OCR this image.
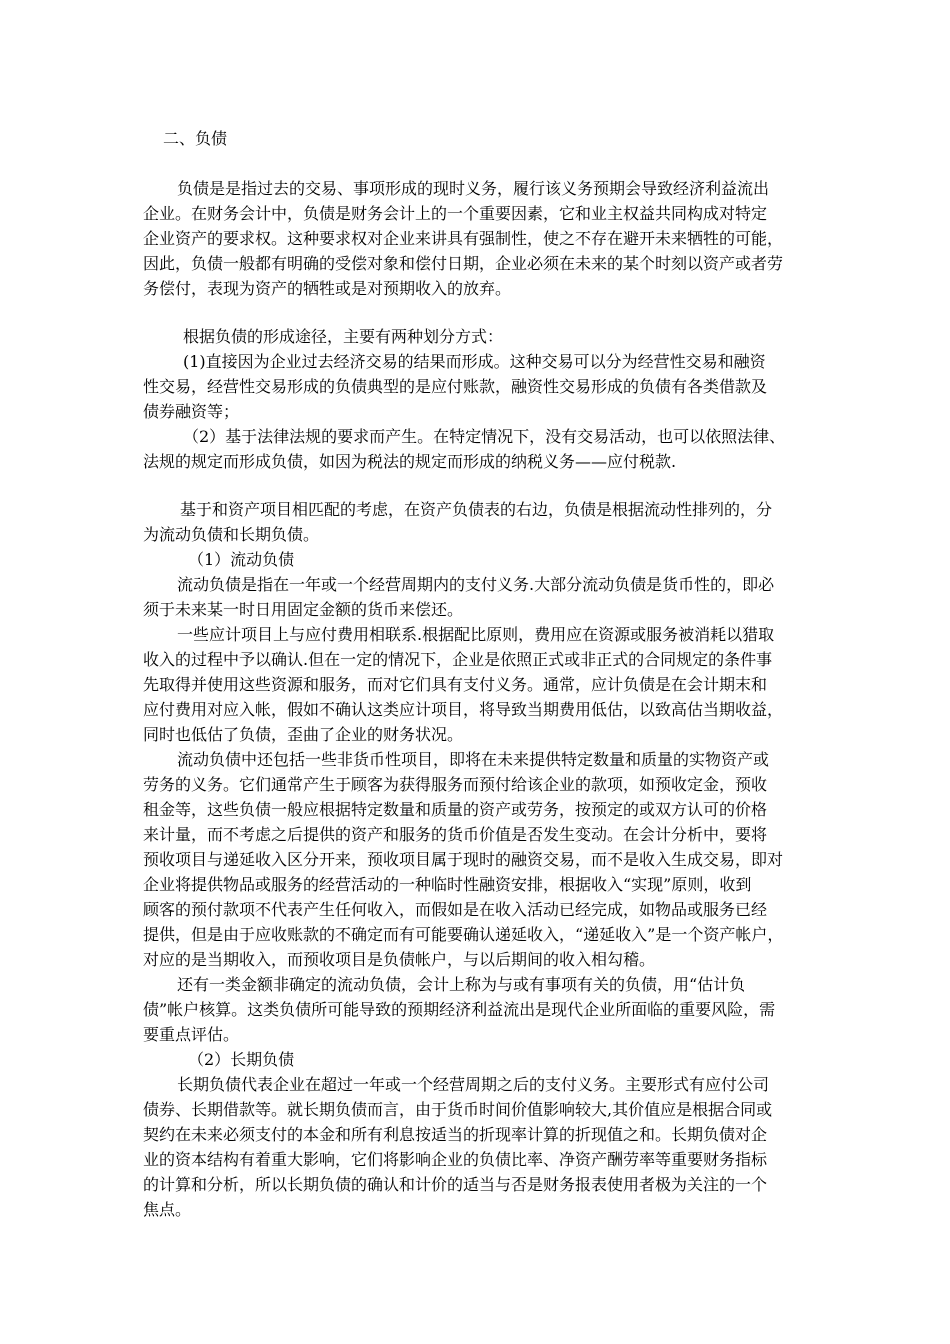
二、负债
负债是是指过去的交易、事项形成的现时义务，履行该义务预期会导致经济利益流出
企业。在财务会计中，负债是财务会计上的一个重要因素，它和业主权益共同构成对特定
企业资产的要求权。这种要求权对企业来讲具有强制性，使之不存在避开未来牺牲的可能，
因此，负债一般都有明确的受偿对象和偿付日期，企业必须在未来的某个时刻以资产或者劳
务偿付，表现为资产的牺牲或是对预期收入的放弃。
根据负债的形成途径，主要有两种划分方式：
(1)直接因为企业过去经济交易的结果而形成。这种交易可以分为经营性交易和融资
性交易，经营性交易形成的负债典型的是应付账款，融资性交易形成的负债有各类借款及
债券融资等；
（2）基于法律法规的要求而产生。在特定情况下，没有交易活动，也可以依照法律、
法规的规定而形成负债，如因为税法的规定而形成的纳税义务——应付税款.
基于和资产项目相匹配的考虑，在资产负债表的右边，负债是根据流动性排列的，分
为流动负债和长期负债。
（1）流动负债
流动负债是指在一年或一个经营周期内的支付义务.大部分流动负债是货币性的，即必
须于未来某一时日用固定金额的货币来偿还。
一些应计项目上与应付费用相联系.根据配比原则，费用应在资源或服务被消耗以猎取
收入的过程中予以确认.但在一定的情况下，企业是依照正式或非正式的合同规定的条件事
先取得并使用这些资源和服务，而对它们具有支付义务。通常，应计负债是在会计期末和
应付费用对应入帐，假如不确认这类应计项目，将导致当期费用低估，以致高估当期收益，
同时也低估了负债，歪曲了企业的财务状况。
流动负债中还包括一些非货币性项目，即将在未来提供特定数量和质量的实物资产或
劳务的义务。它们通常产生于顾客为获得服务而预付给该企业的款项，如预收定金，预收
租金等，这些负债一般应根据特定数量和质量的资产或劳务，按预定的或双方认可的价格
来计量，而不考虑之后提供的资产和服务的货币价值是否发生变动。在会计分析中，要将
预收项目与递延收入区分开来，预收项目属于现时的融资交易，而不是收入生成交易，即对
企业将提供物品或服务的经营活动的一种临时性融资安排，根据收入“实现”原则，收到
顾客的预付款项不代表产生任何收入，而假如是在收入活动已经完成，如物品或服务已经
提供，但是由于应收账款的不确定而有可能要确认递延收入，“递延收入”是一个资产帐户，
对应的是当期收入，而预收项目是负债帐户，与以后期间的收入相勾稽。
还有一类金额非确定的流动负债，会计上称为与或有事项有关的负债，用“估计负
债”帐户核算。这类负债所可能导致的预期经济利益流出是现代企业所面临的重要风险，需
要重点评估。
（2）长期负债
长期负债代表企业在超过一年或一个经营周期之后的支付义务。主要形式有应付公司
债券、长期借款等。就长期负债而言，由于货币时间价值影响较大,其价值应是根据合同或
契约在未来必须支付的本金和所有利息按适当的折现率计算的折现值之和。长期负债对企
业的资本结构有着重大影响，它们将影响企业的负债比率、净资产酬劳率等重要财务指标
的计算和分析，所以长期负债的确认和计价的适当与否是财务报表使用者极为关注的一个
焦点。
